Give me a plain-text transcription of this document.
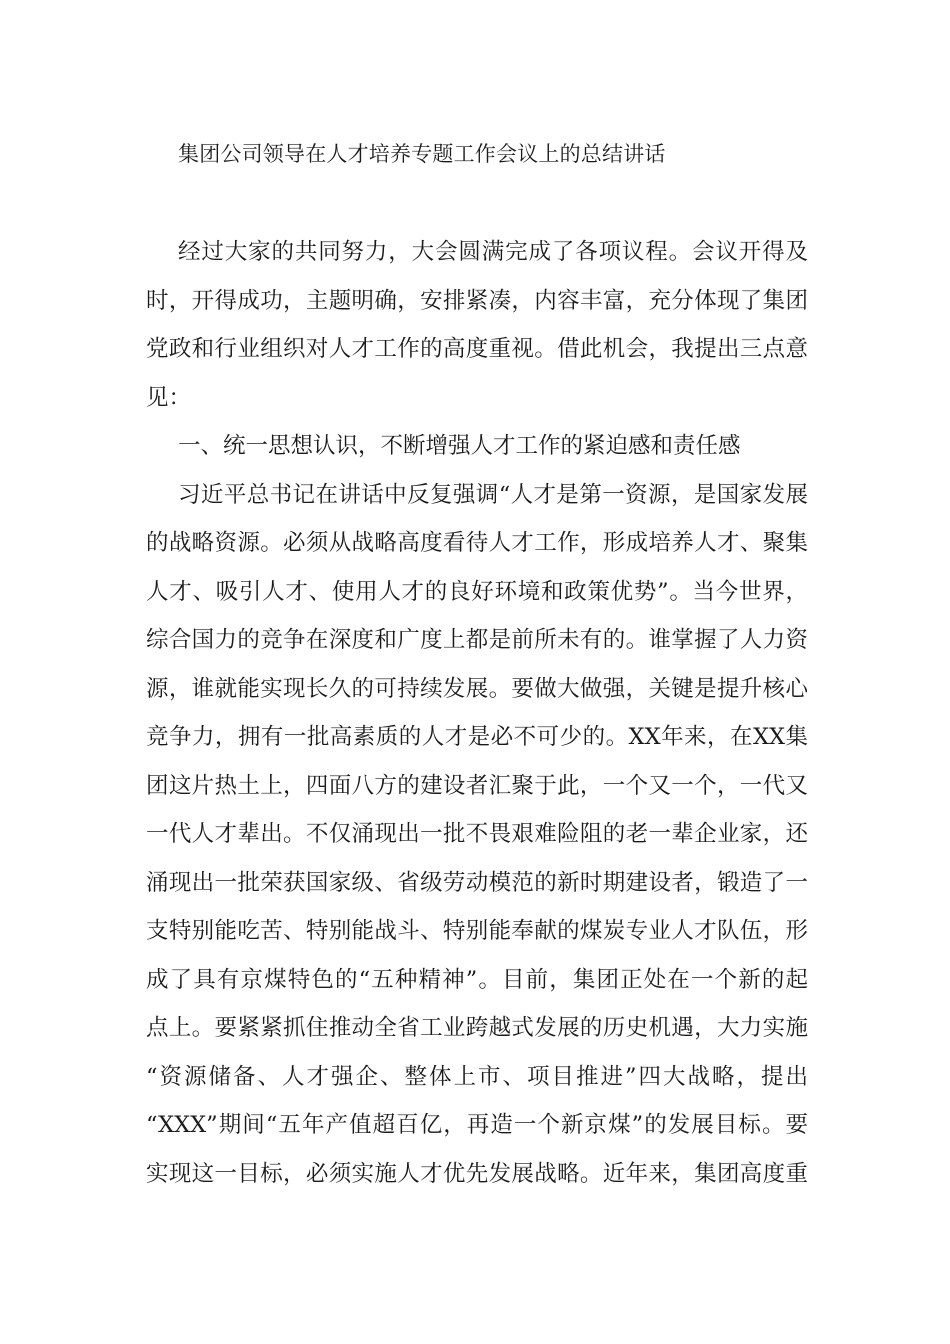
集团公司领导在人才培养专题工作会议上的总结讲话
经过大家的共同努力，大会圆满完成了各项议程。会议开得及
时，开得成功，主题明确，安排紧凑，内容丰富，充分体现了集团
党政和行业组织对人才工作的高度重视。借此机会，我提出三点意
见：
一、统一思想认识，不断增强人才工作的紧迫感和责任感
习近平总书记在讲话中反复强调“人才是第一资源，是国家发展
的战略资源。必须从战略高度看待人才工作，形成培养人才、聚集
人才、吸引人才、使用人才的良好环境和政策优势”。当今世界，
综合国力的竞争在深度和广度上都是前所未有的。谁掌握了人力资
源，谁就能实现长久的可持续发展。要做大做强，关键是提升核心
竞争力，拥有一批高素质的人才是必不可少的。XX年来，在XX集
团这片热土上，四面八方的建设者汇聚于此，一个又一个，一代又
一代人才辈出。不仅涌现出一批不畏艰难险阻的老一辈企业家，还
涌现出一批荣获国家级、省级劳动模范的新时期建设者，锻造了一
支特别能吃苦、特别能战斗、特别能奉献的煤炭专业人才队伍，形
成了具有京煤特色的“五种精神”。目前，集团正处在一个新的起
点上。要紧紧抓住推动全省工业跨越式发展的历史机遇，大力实施
“资源储备、人才强企、整体上市、项目推进”四大战略，提出
“XXX”期间“五年产值超百亿，再造一个新京煤”的发展目标。要
实现这一目标，必须实施人才优先发展战略。近年来，集团高度重
